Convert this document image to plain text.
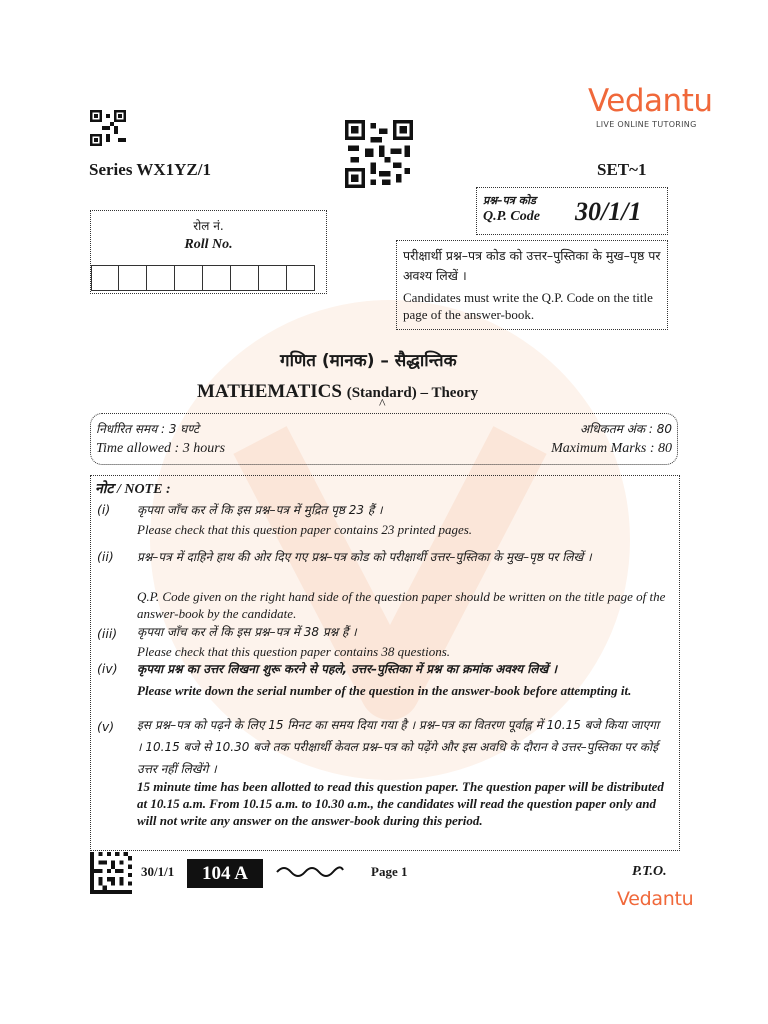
Vedantu
LIVE ONLINE TUTORING
Series WX1YZ/1	SET~1
रोल नं.
Roll No.
प्रश्न–पत्र कोड
Q.P. Code 30/1/1
परीक्षार्थी प्रश्न–पत्र कोड को उत्तर–पुस्तिका के मुख–पृष्ठ पर अवश्य लिखें ।
Candidates must write the Q.P. Code on the title page of the answer-book.
गणित (मानक) – सैद्धान्तिक
MATHEMATICS (Standard) – Theory
^
निर्धारित समय : 3 घण्टे
Time allowed : 3 hours
अधिकतम अंक : 80
Maximum Marks : 80
नोट / NOTE :
(i) कृपया जाँच कर लें कि इस प्रश्न–पत्र में मुद्रित पृष्ठ 23 हैं ।
Please check that this question paper contains 23 printed pages.
(ii) प्रश्न–पत्र में दाहिने हाथ की ओर दिए गए प्रश्न–पत्र कोड को परीक्षार्थी उत्तर–पुस्तिका के मुख–पृष्ठ पर लिखें ।
Q.P. Code given on the right hand side of the question paper should be written on the title page of the answer-book by the candidate.
(iii) कृपया जाँच कर लें कि इस प्रश्न–पत्र में 38 प्रश्न हैं ।
Please check that this question paper contains 38 questions.
(iv) कृपया प्रश्न का उत्तर लिखना शुरू करने से पहले, उत्तर–पुस्तिका में प्रश्न का क्रमांक अवश्य लिखें ।
Please write down the serial number of the question in the answer-book before attempting it.
(v) इस प्रश्न–पत्र को पढ़ने के लिए 15 मिनट का समय दिया गया है । प्रश्न–पत्र का वितरण पूर्वाह्न में 10.15 बजे किया जाएगा । 10.15 बजे से 10.30 बजे तक परीक्षार्थी केवल प्रश्न–पत्र को पढ़ेंगे और इस अवधि के दौरान वे उत्तर–पुस्तिका पर कोई उत्तर नहीं लिखेंगे ।
15 minute time has been allotted to read this question paper. The question paper will be distributed at 10.15 a.m. From 10.15 a.m. to 10.30 a.m., the candidates will read the question paper only and will not write any answer on the answer-book during this period.
30/1/1	104 A	Page 1	P.T.O.
Vedantu
